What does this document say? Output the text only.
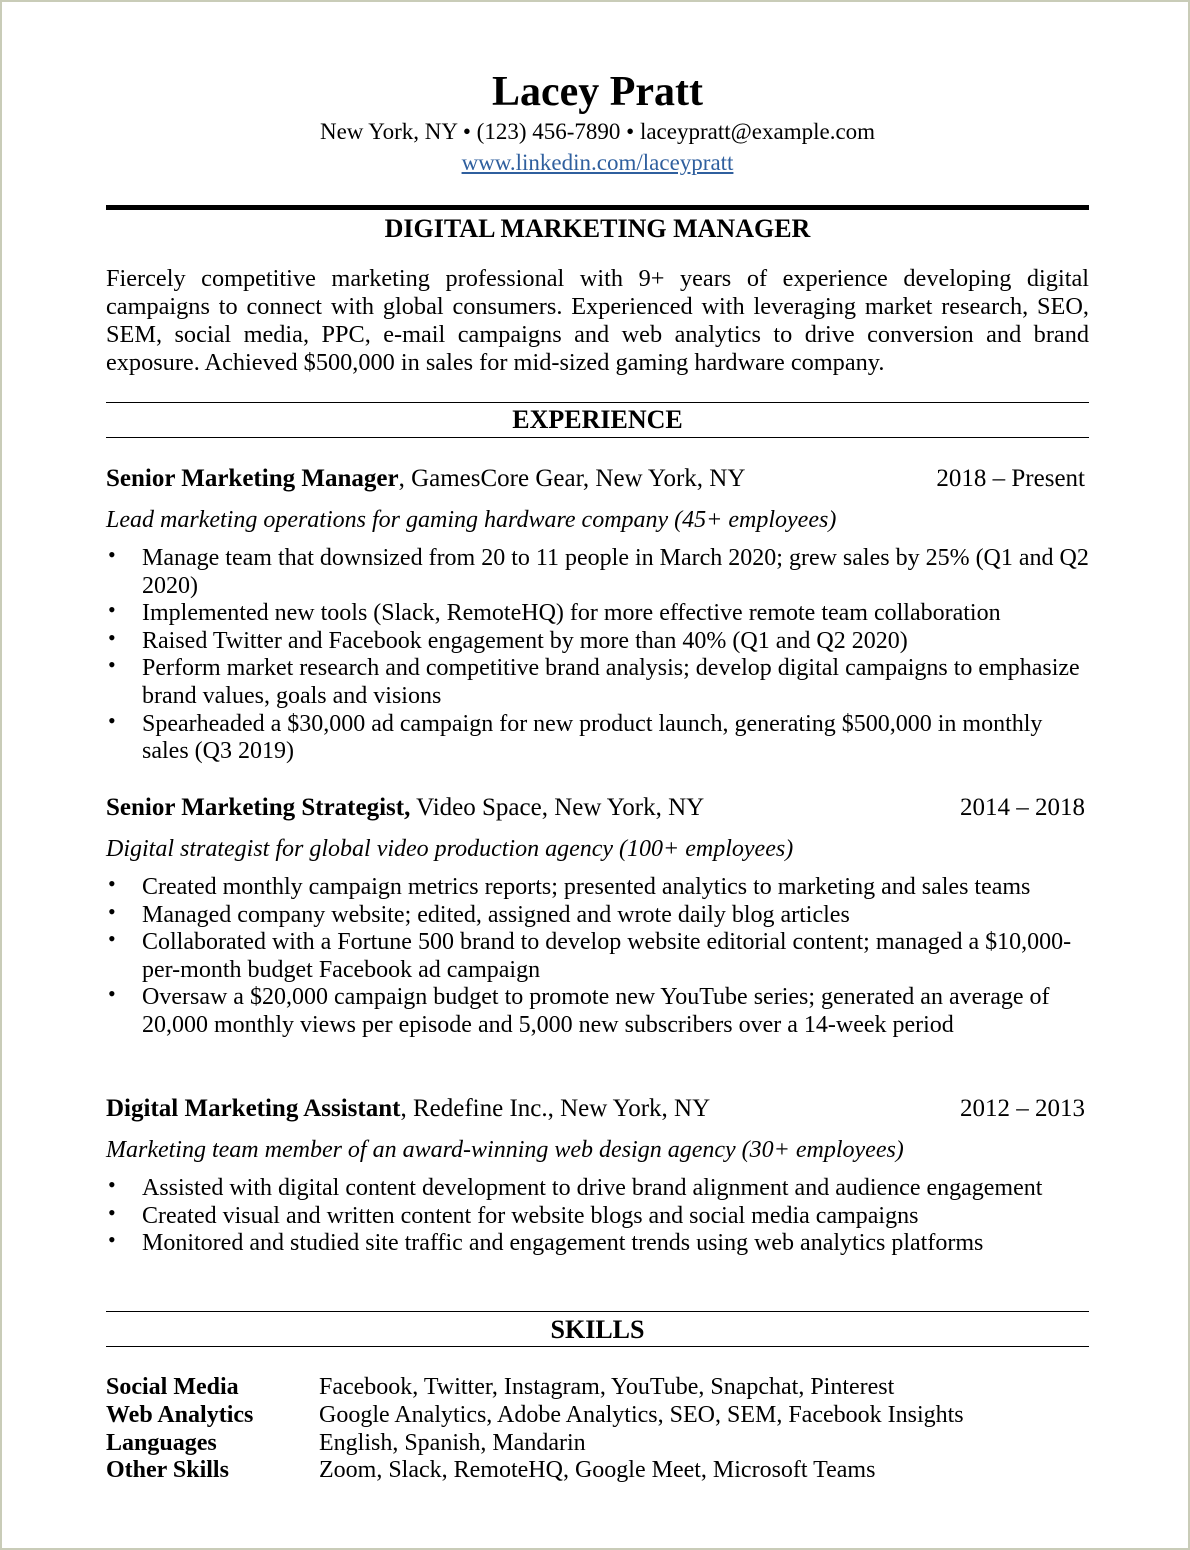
Lacey Pratt
New York, NY • (123) 456-7890 • laceypratt@example.com
www.linkedin.com/laceypratt
DIGITAL MARKETING MANAGER
Fiercely competitive marketing professional with 9+ years of experience developing digital campaigns to connect with global consumers. Experienced with leveraging market research, SEO, SEM, social media, PPC, e-mail campaigns and web analytics to drive conversion and brand exposure. Achieved $500,000 in sales for mid-sized gaming hardware company.
EXPERIENCE
Senior Marketing Manager, GamesCore Gear, New York, NY	2018 – Present
Lead marketing operations for gaming hardware company (45+ employees)
• Manage team that downsized from 20 to 11 people in March 2020; grew sales by 25% (Q1 and Q2 2020)
• Implemented new tools (Slack, RemoteHQ) for more effective remote team collaboration
• Raised Twitter and Facebook engagement by more than 40% (Q1 and Q2 2020)
• Perform market research and competitive brand analysis; develop digital campaigns to emphasize brand values, goals and visions
• Spearheaded a $30,000 ad campaign for new product launch, generating $500,000 in monthly sales (Q3 2019)
Senior Marketing Strategist, Video Space, New York, NY	2014 – 2018
Digital strategist for global video production agency (100+ employees)
• Created monthly campaign metrics reports; presented analytics to marketing and sales teams
• Managed company website; edited, assigned and wrote daily blog articles
• Collaborated with a Fortune 500 brand to develop website editorial content; managed a $10,000-per-month budget Facebook ad campaign
• Oversaw a $20,000 campaign budget to promote new YouTube series; generated an average of 20,000 monthly views per episode and 5,000 new subscribers over a 14-week period
Digital Marketing Assistant, Redefine Inc., New York, NY	2012 – 2013
Marketing team member of an award-winning web design agency (30+ employees)
• Assisted with digital content development to drive brand alignment and audience engagement
• Created visual and written content for website blogs and social media campaigns
• Monitored and studied site traffic and engagement trends using web analytics platforms
SKILLS
Social Media	Facebook, Twitter, Instagram, YouTube, Snapchat, Pinterest
Web Analytics	Google Analytics, Adobe Analytics, SEO, SEM, Facebook Insights
Languages	English, Spanish, Mandarin
Other Skills	Zoom, Slack, RemoteHQ, Google Meet, Microsoft Teams
